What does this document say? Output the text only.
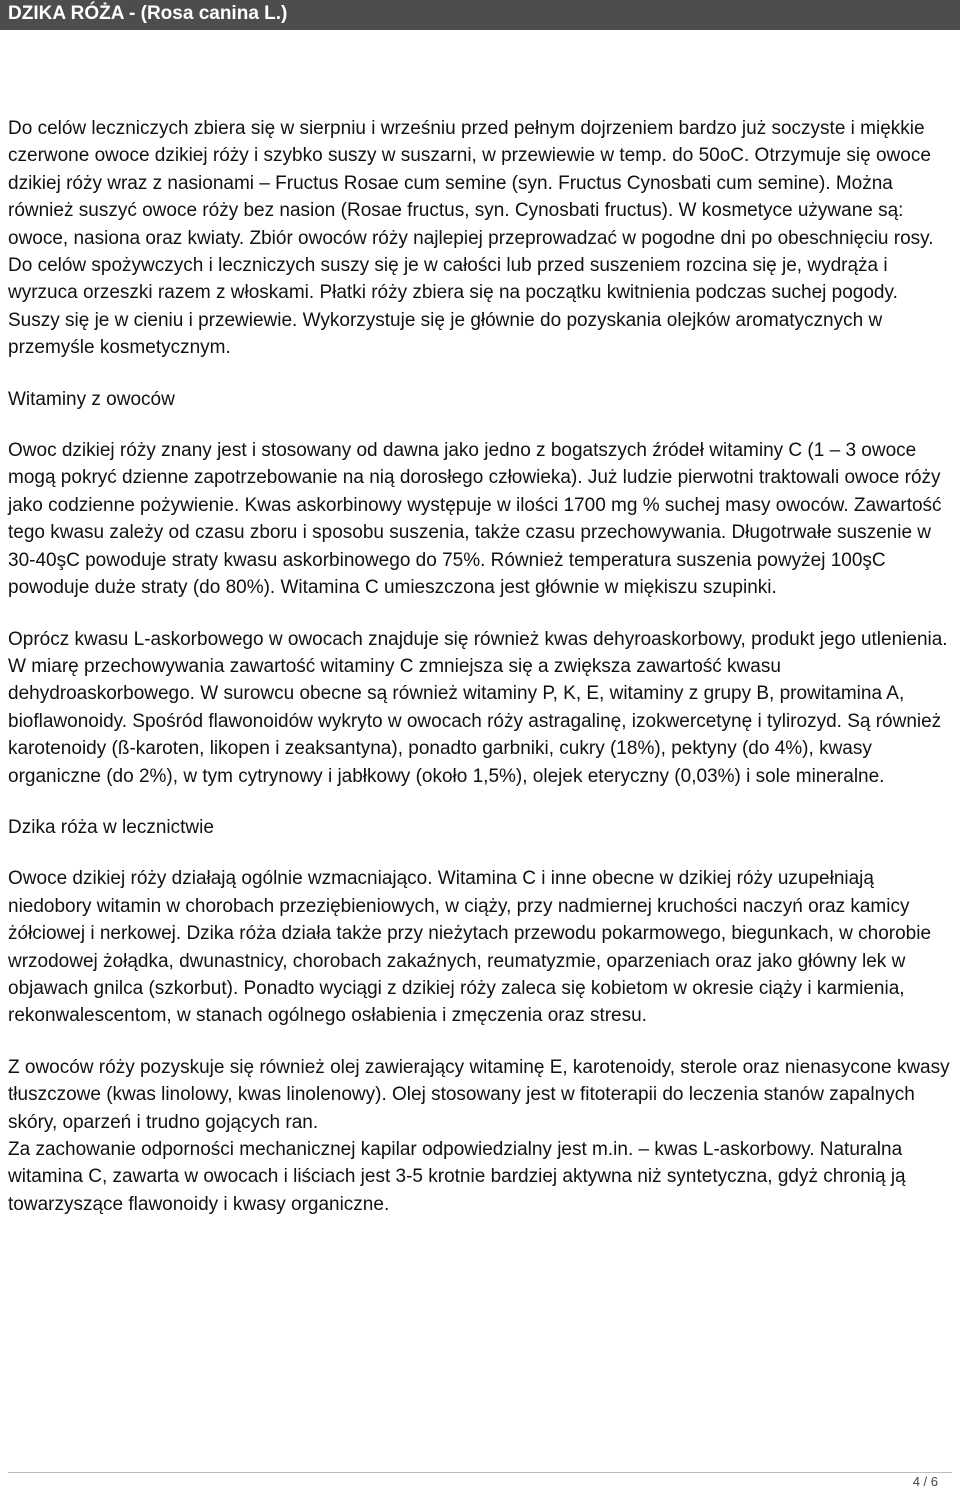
DZIKA RÓŻA - (Rosa canina L.)

Do celów leczniczych zbiera się w sierpniu i wrześniu przed pełnym dojrzeniem bardzo już soczyste i miękkie czerwone owoce dzikiej róży i szybko suszy w suszarni, w przewiewie w temp. do 50oC. Otrzymuje się owoce dzikiej róży wraz z nasionami – Fructus Rosae cum semine (syn. Fructus Cynosbati cum semine). Można również suszyć owoce róży bez nasion (Rosae fructus, syn. Cynosbati fructus). W kosmetyce używane są: owoce, nasiona oraz kwiaty. Zbiór owoców róży najlepiej przeprowadzać w pogodne dni po obeschnięciu rosy. Do celów spożywczych i leczniczych suszy się je w całości lub przed suszeniem rozcina się je, wydrąża i wyrzuca orzeszki razem z włoskami. Płatki róży zbiera się na początku kwitnienia podczas suchej pogody. Suszy się je w cieniu i przewiewie. Wykorzystuje się je głównie do pozyskania olejków aromatycznych w przemyśle kosmetycznym.

Witaminy z owoców

Owoc dzikiej róży znany jest i stosowany od dawna jako jedno z bogatszych źródeł witaminy C (1 – 3 owoce mogą pokryć dzienne zapotrzebowanie na nią dorosłego człowieka). Już ludzie pierwotni traktowali owoce róży jako codzienne pożywienie. Kwas askorbinowy występuje w ilości 1700 mg % suchej masy owoców. Zawartość tego kwasu zależy od czasu zboru i sposobu suszenia, także czasu przechowywania. Długotrwałe suszenie w 30-40şC powoduje straty kwasu askorbinowego do 75%. Również temperatura suszenia powyżej 100şC powoduje duże straty (do 80%). Witamina C umieszczona jest głównie w miękiszu szupinki.

Oprócz kwasu L-askorbowego w owocach znajduje się również kwas dehyroaskorbowy, produkt jego utlenienia. W miarę przechowywania zawartość witaminy C zmniejsza się a zwiększa zawartość kwasu dehydroaskorbowego. W surowcu obecne są również witaminy P, K, E, witaminy z grupy B, prowitamina A, bioflawonoidy. Spośród flawonoidów wykryto w owocach róży astragalinę, izokwercetynę i tylirozyd. Są również karotenoidy (ß-karoten, likopen i zeaksantyna), ponadto garbniki, cukry (18%), pektyny (do 4%), kwasy organiczne (do 2%), w tym cytrynowy i jabłkowy (około 1,5%), olejek eteryczny (0,03%) i sole mineralne.

Dzika róża w lecznictwie

Owoce dzikiej róży działają ogólnie wzmacniająco. Witamina C i inne obecne w dzikiej róży uzupełniają niedobory witamin w chorobach przeziębieniowych, w ciąży, przy nadmiernej kruchości naczyń oraz kamicy żółciowej i nerkowej. Dzika róża działa także przy nieżytach przewodu pokarmowego, biegunkach, w chorobie wrzodowej żołądka, dwunastnicy, chorobach zakaźnych, reumatyzmie, oparzeniach oraz jako główny lek w objawach gnilca (szkorbut). Ponadto wyciągi z dzikiej róży zaleca się kobietom w okresie ciąży i karmienia, rekonwalescentom, w stanach ogólnego osłabienia i zmęczenia oraz stresu.

Z owoców róży pozyskuje się również olej zawierający witaminę E, karotenoidy, sterole oraz nienasycone kwasy tłuszczowe (kwas linolowy, kwas linolenowy). Olej stosowany jest w fitoterapii do leczenia stanów zapalnych skóry, oparzeń i trudno gojących ran.

Za zachowanie odporności mechanicznej kapilar odpowiedzialny jest m.in. – kwas L-askorbowy. Naturalna witamina C, zawarta w owocach i liściach jest 3-5 krotnie bardziej aktywna niż syntetyczna, gdyż chronią ją towarzyszące flawonoidy i kwasy organiczne.

4 / 6
